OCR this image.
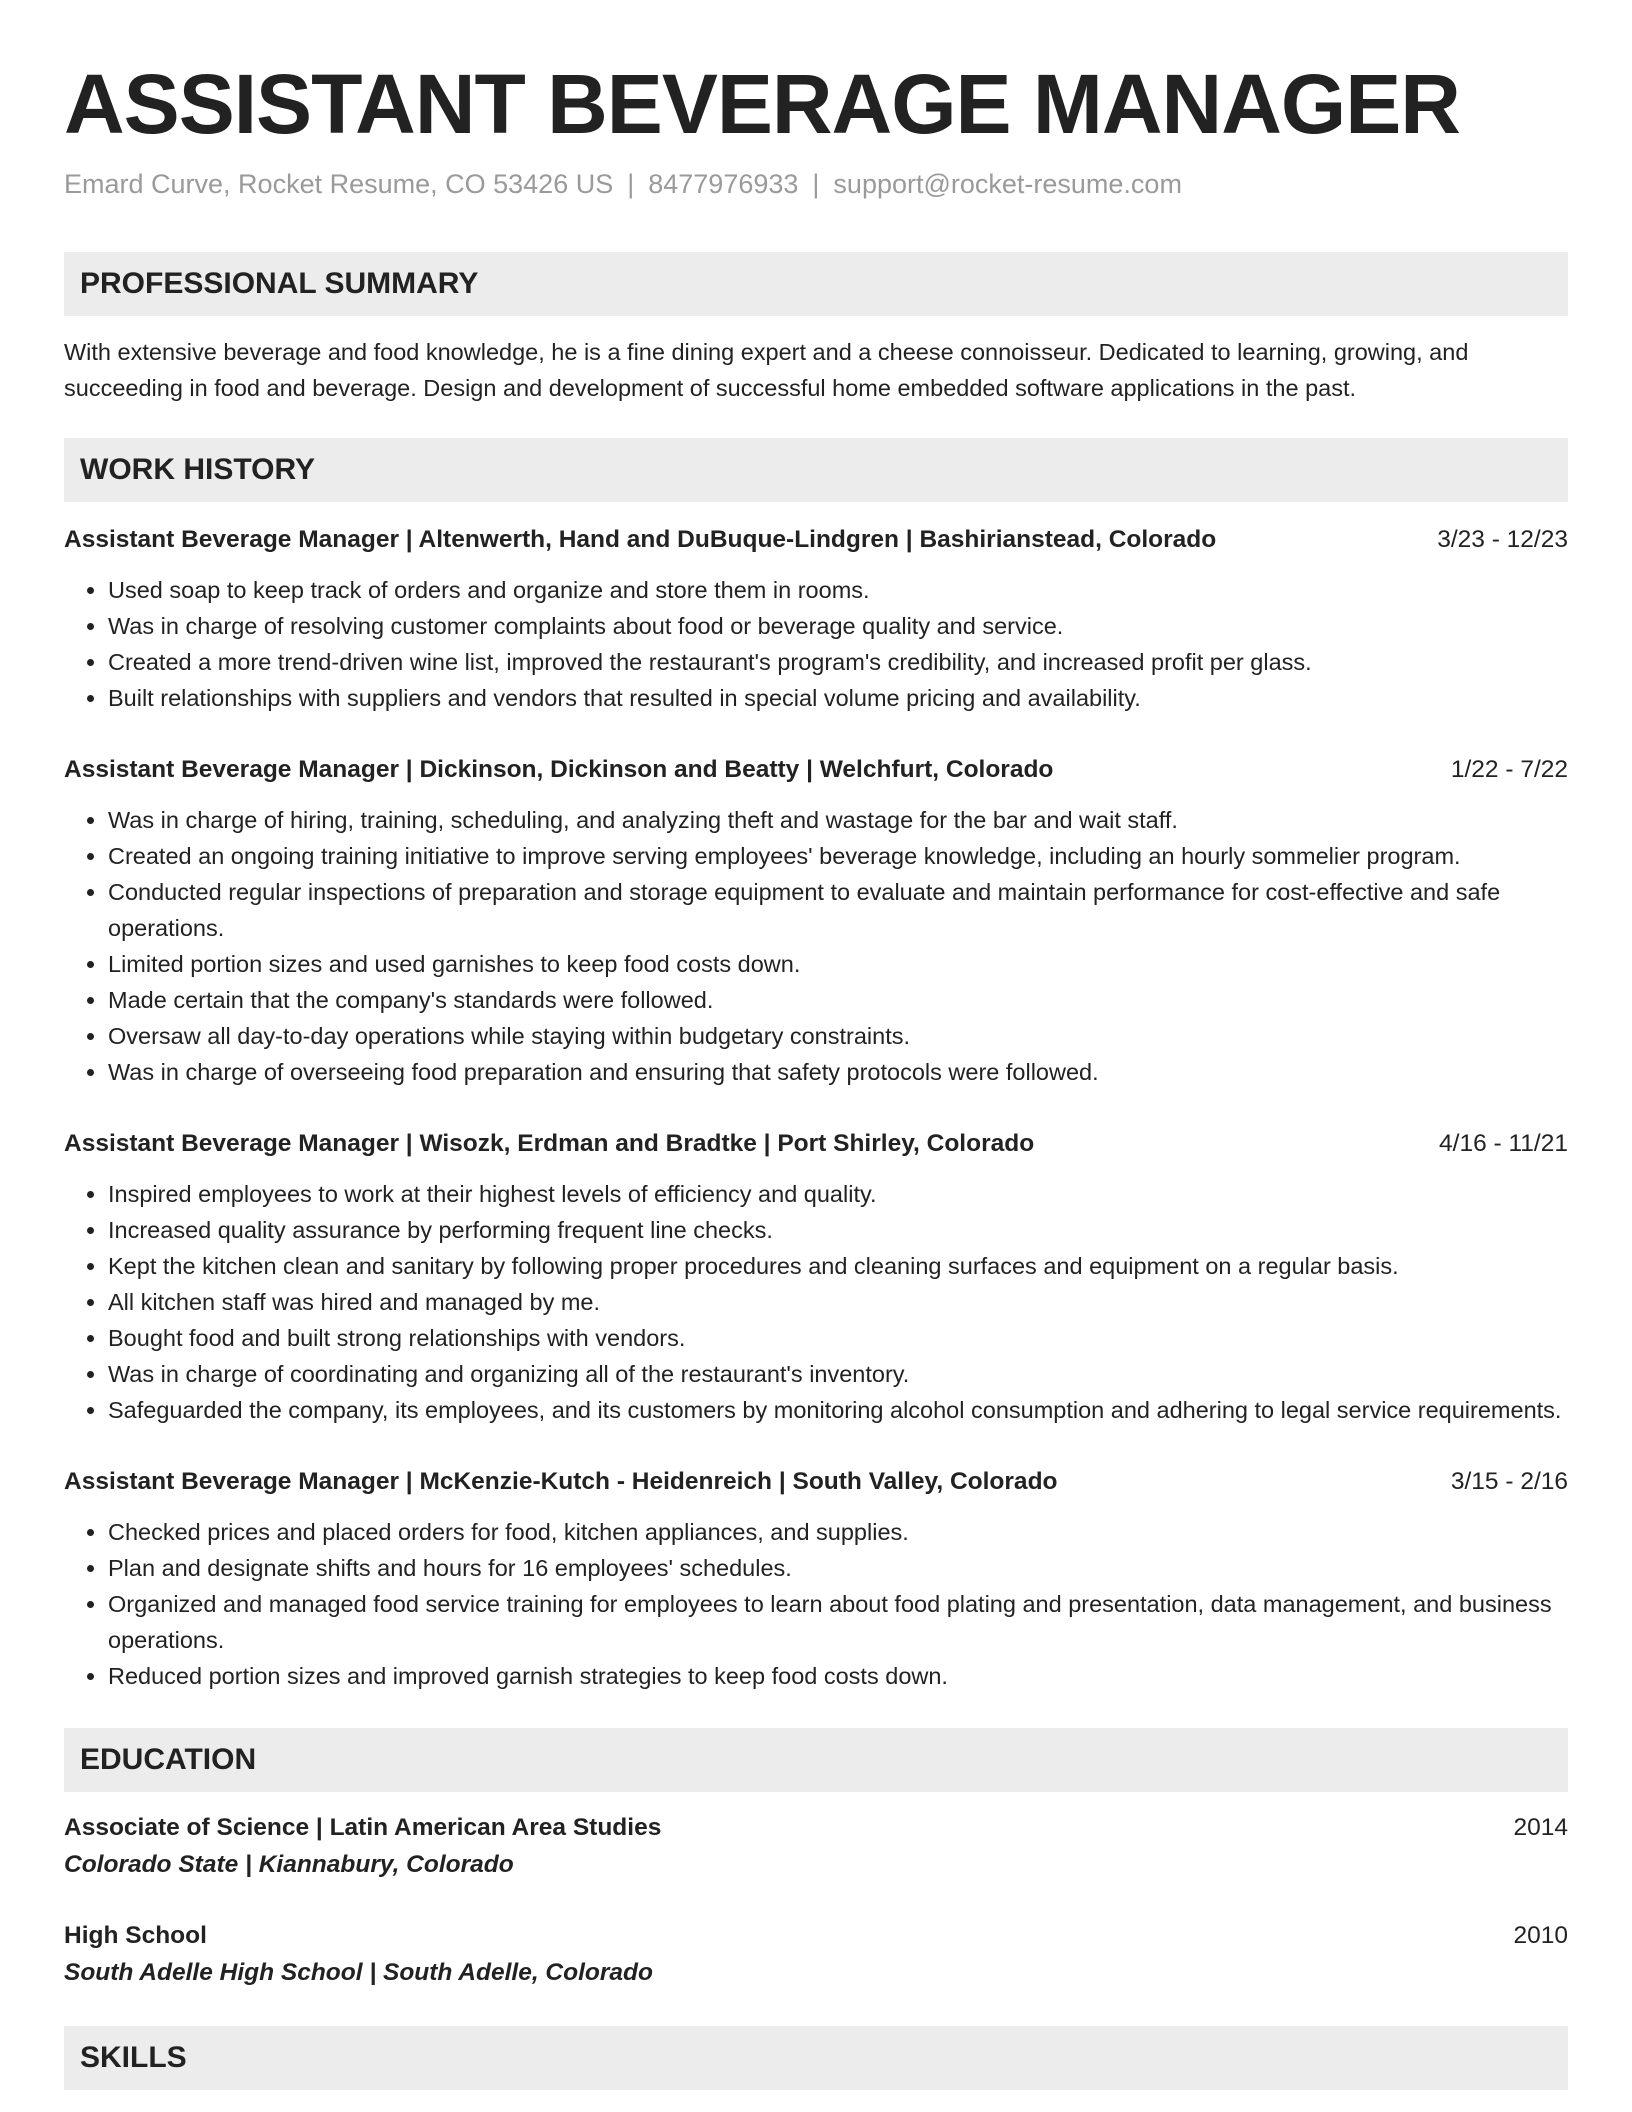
ASSISTANT BEVERAGE MANAGER
Emard Curve, Rocket Resume, CO 53426 US | 8477976933 | support@rocket-resume.com
PROFESSIONAL SUMMARY

With extensive beverage and food knowledge, he is a fine dining expert and a cheese connoisseur. Dedicated to learning, growing, and succeeding in food and beverage. Design and development of successful home embedded software applications in the past.

WORK HISTORY
Assistant Beverage Manager | Altenwerth, Hand and DuBuque-Lindgren | Bashirianstead, Colorado	3/23 - 12/23
• Used soap to keep track of orders and organize and store them in rooms.
• Was in charge of resolving customer complaints about food or beverage quality and service.
• Created a more trend-driven wine list, improved the restaurant's program's credibility, and increased profit per glass.
• Built relationships with suppliers and vendors that resulted in special volume pricing and availability.
Assistant Beverage Manager | Dickinson, Dickinson and Beatty | Welchfurt, Colorado	1/22 - 7/22
• Was in charge of hiring, training, scheduling, and analyzing theft and wastage for the bar and wait staff.
• Created an ongoing training initiative to improve serving employees' beverage knowledge, including an hourly sommelier program.
• Conducted regular inspections of preparation and storage equipment to evaluate and maintain performance for cost-effective and safe operations.
• Limited portion sizes and used garnishes to keep food costs down.
• Made certain that the company's standards were followed.
• Oversaw all day-to-day operations while staying within budgetary constraints.
• Was in charge of overseeing food preparation and ensuring that safety protocols were followed.
Assistant Beverage Manager | Wisozk, Erdman and Bradtke | Port Shirley, Colorado	4/16 - 11/21
• Inspired employees to work at their highest levels of efficiency and quality.
• Increased quality assurance by performing frequent line checks.
• Kept the kitchen clean and sanitary by following proper procedures and cleaning surfaces and equipment on a regular basis.
• All kitchen staff was hired and managed by me.
• Bought food and built strong relationships with vendors.
• Was in charge of coordinating and organizing all of the restaurant's inventory.
• Safeguarded the company, its employees, and its customers by monitoring alcohol consumption and adhering to legal service requirements.
Assistant Beverage Manager | McKenzie-Kutch - Heidenreich | South Valley, Colorado	3/15 - 2/16
• Checked prices and placed orders for food, kitchen appliances, and supplies.
• Plan and designate shifts and hours for 16 employees' schedules.
• Organized and managed food service training for employees to learn about food plating and presentation, data management, and business operations.
• Reduced portion sizes and improved garnish strategies to keep food costs down.
EDUCATION
Associate of Science | Latin American Area Studies	2014
Colorado State | Kiannabury, Colorado
High School	2010
South Adelle High School | South Adelle, Colorado
SKILLS
